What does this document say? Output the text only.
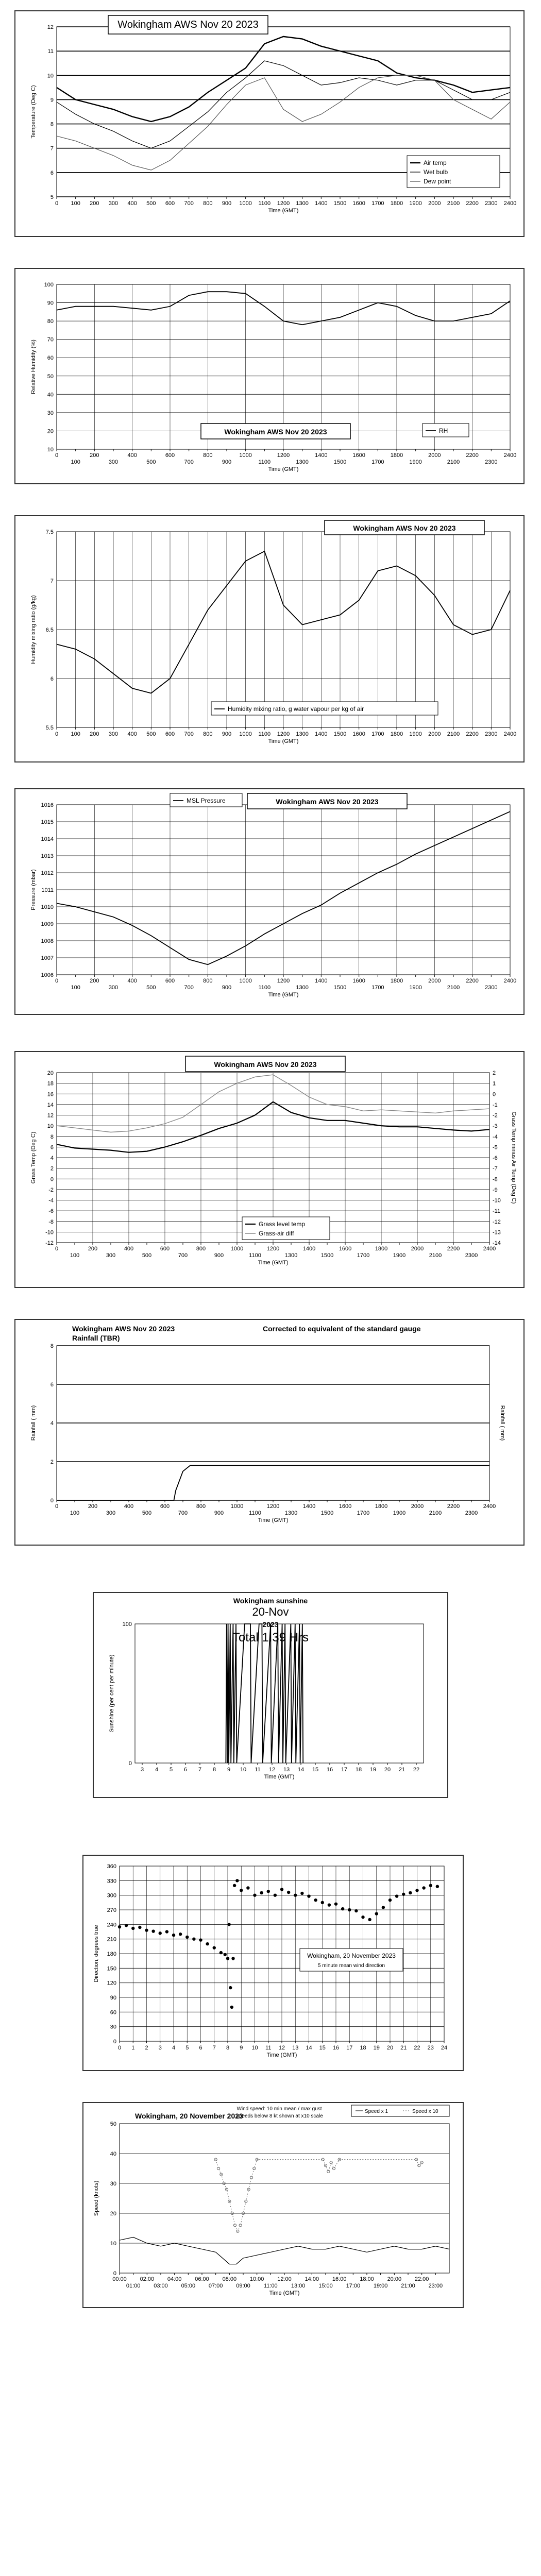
5
6
7
8
9
10
11
12
0 100 200 300 400 500 600 700 800 900 1000 1100 1200 1300 1400 1500 1600 1700 1800 1900 2000 2100 2200 2300 2400
Time (GMT)
Temperature (Deg C)
Wokingham AWS Nov 20 2023
Air temp
Wet bulb
Dew point
10
20
30
40
50
60
70
80
90
100
0	200	400	600	800	1000	1200	1400	1600	1800	2000	2200	2400
100	300	500	700	900	1100	1300	1500	1700	1900	2100	2300
Time (GMT)
Relative Humidity (%)
Wokingham AWS Nov 20 2023	RH
5.5
6
6.5
7
7.5
0 100 200 300 400 500 600 700 800 900 1000 1100 1200 1300 1400 1500 1600 1700 1800 1900 2000 2100 2200 2300 2400
Time (GMT)
Humidity mixing ratio (g/kg)
Wokingham AWS Nov 20 2023
Humidity mixing ratio, g water vapour per kg of air
1006
1007
1008
1009
1010
1011
1012
1013
1014
1015
1016
0	200	400	600	800	1000	1200	1400	1600	1800	2000	2200	2400
100	300	500	700	900	1100	1300	1500	1700	1900	2100	2300
Time (GMT)
Pressure (mbar)
Wokingham AWS Nov 20 2023
MSL Pressure
-12
-10
-8
-6
-4
-2
0
2
4
6
8
10
12
14
16
18
20
0	200	400	600	800	1000	1200	1400	1600	1800	2000	2200	2400
100	300	500	700	900	1100	1300	1500	1700	1900	2100	2300
-14
-13
-12
-11
-10
-9
-8
-7
-6
-5
-4
-3
-2
-1
0
1
2
Time (GMT)
Grass Temp (Deg C)	Grass Temp minus Air Temp (Deg C)
Wokingham AWS Nov 20 2023
Grass level temp
Grass-air diff
0
2
4
6
8
0	200	400	600	800	1000	1200	1400	1600	1800	2000	2200	2400
100	300	500	700	900	1100	1300	1500	1700	1900	2100	2300
Time (GMT)
Rainfall ( mm)	Rainfall ( mm)
Wokingham AWS Nov 20 2023
Rainfall (TBR)
Corrected to equivalent of the standard gauge
0
100
3 4 5 6 7 8 9 10 11 12 13 14 15 16 17 18 19 20 21 22
Time (GMT)
Sunshine (per cent per minute)
Wokingham sunshine
20-Nov
2023
Total 1.39 Hrs
0
30
60
90
120
150
180
210
240
270
300
330
360
0 1 2 3 4 5 6 7 8 9 10 11 12 13 14 15 16 17 18 19 20 21 22 23 24
Time (GMT)
Direction, degrees true	Wokingham, 20 November 2023
5 minute mean wind direction
0
10
20
30
40
50
00:00 02:00 04:00 06:00 08:00 10:00 12:00 14:00 16:00 18:00 20:00 22:00
01:00 03:00 05:00 07:00 09:00 11:00 13:00 15:00 17:00 19:00 21:00 23:00
Time (GMT)
Speed (knots)
Wokingham, 20 November 2023
Wind speed: 10 min mean / max gust
Speeds below 8 kt shown at x10 scale
Speed x 1	Speed x 10
